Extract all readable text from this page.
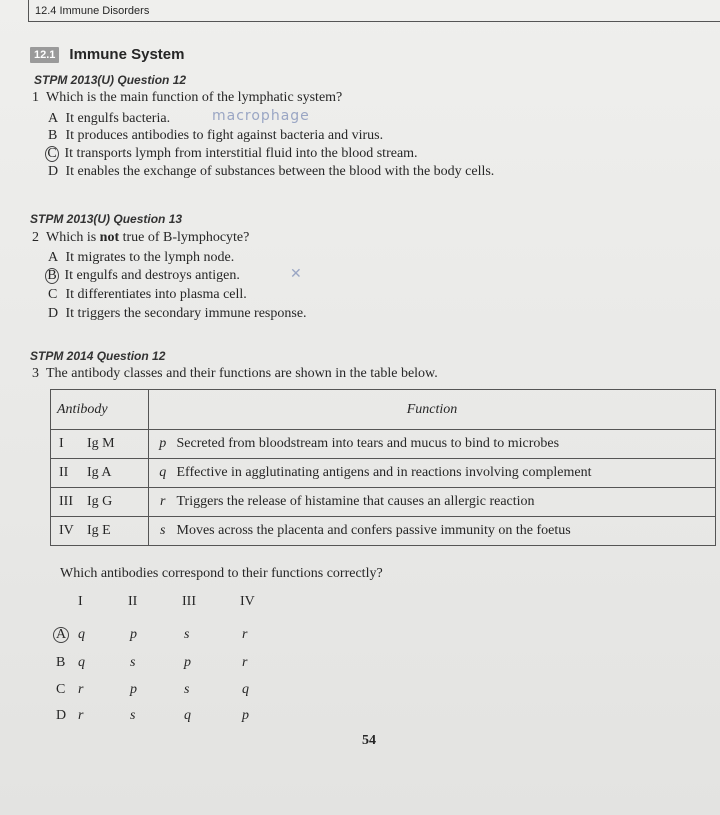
12.4 Immune Disorders
12.1 Immune System
STPM 2013(U) Question 12
1 Which is the main function of the lymphatic system?
A It engulfs bacteria.	macrophage
B It produces antibodies to fight against bacteria and virus.
C It transports lymph from interstitial fluid into the blood stream.
D It enables the exchange of substances between the blood with the body cells.
STPM 2013(U) Question 13
2 Which is not true of B-lymphocyte?
A It migrates to the lymph node.
B It engulfs and destroys antigen.	✕
C It differentiates into plasma cell.
D It triggers the secondary immune response.
STPM 2014 Question 12
3 The antibody classes and their functions are shown in the table below.
Antibody	Function	
I Ig M	p	Secreted from bloodstream into tears and mucus to bind to microbes
II Ig A	q	Effective in agglutinating antigens and in reactions involving complement
III Ig G	r	Triggers the release of histamine that causes an allergic reaction
IV Ig E	s	Moves across the placenta and confers passive immunity on the foetus
Which antibodies correspond to their functions correctly?
I	II	III	IV
A q	p	s	r
B q	s	p	r
C r	p	s	q
D r	s	q	p
54
